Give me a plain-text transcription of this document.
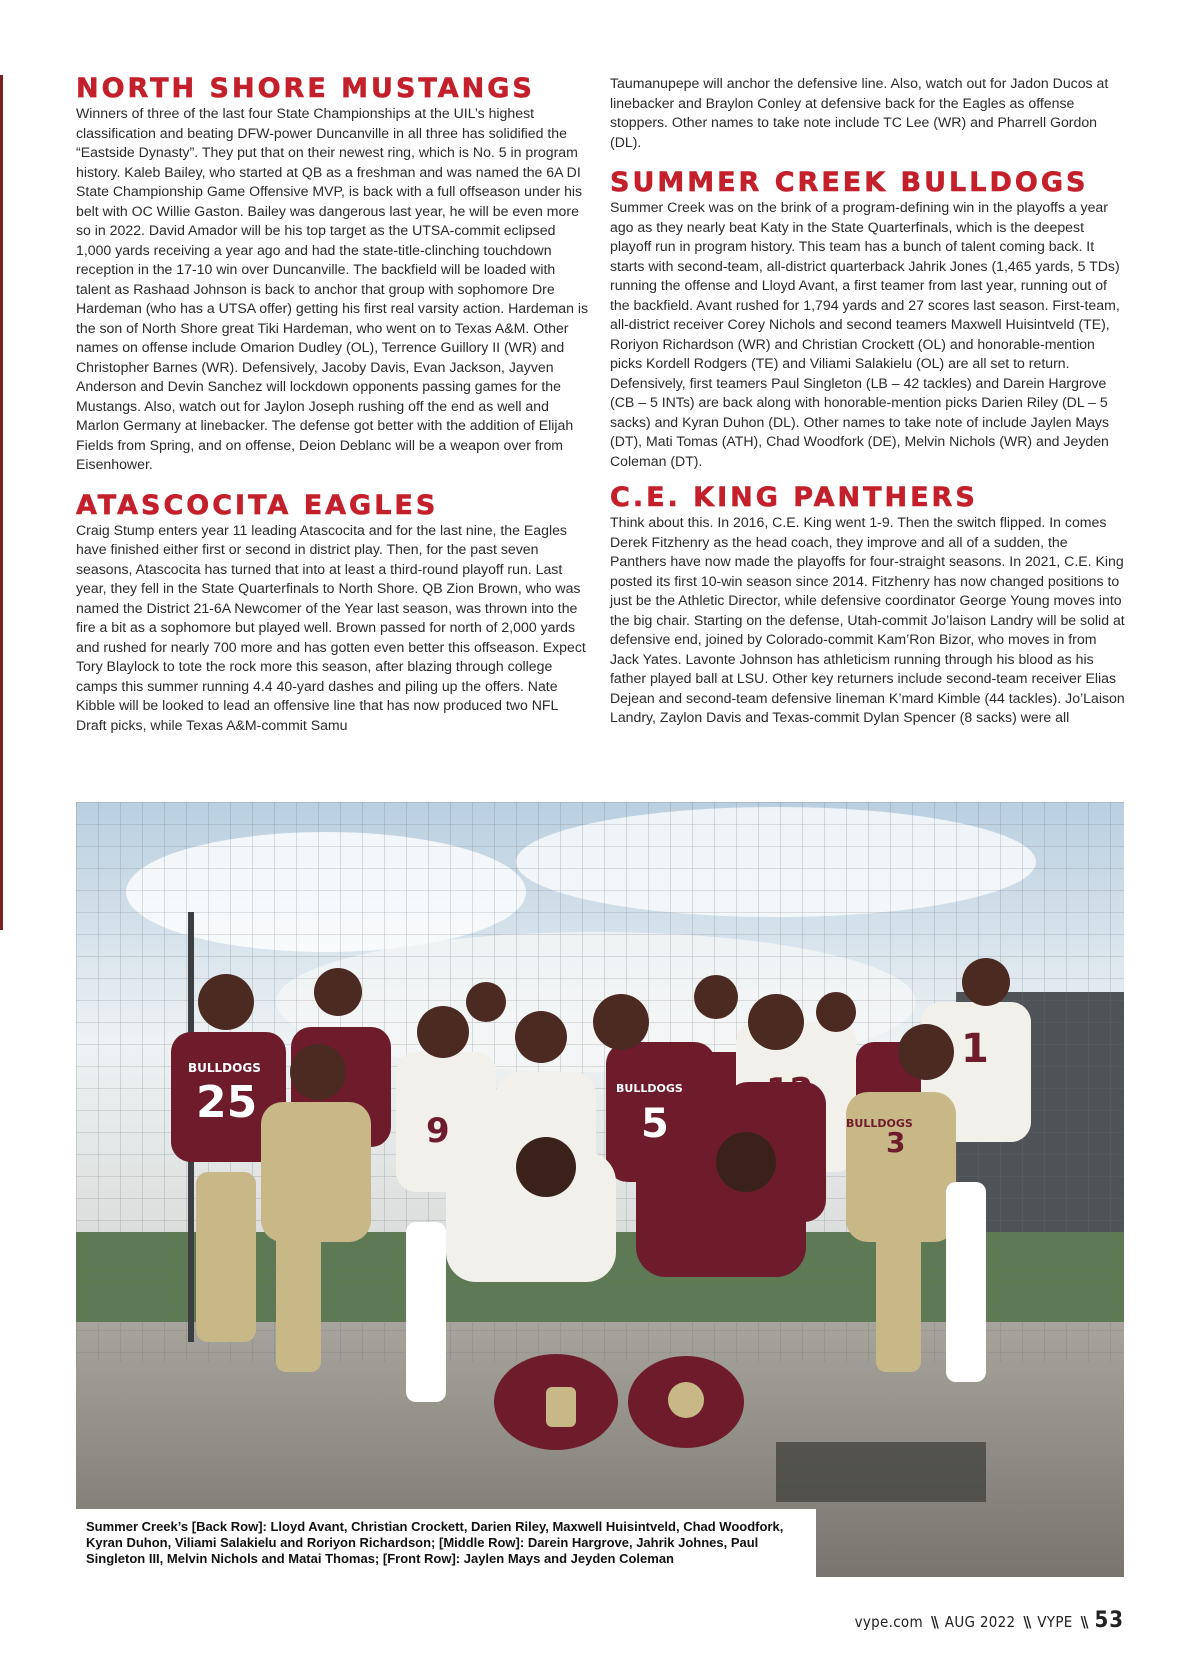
NORTH SHORE MUSTANGS

Winners of three of the last four State Championships at the UIL’s highest classification and beating DFW-power Duncanville in all three has solidified the “Eastside Dynasty”. They put that on their newest ring, which is No. 5 in program history. Kaleb Bailey, who started at QB as a freshman and was named the 6A DI State Championship Game Offensive MVP, is back with a full offseason under his belt with OC Willie Gaston. Bailey was dangerous last year, he will be even more so in 2022. David Amador will be his top target as the UTSA-commit eclipsed 1,000 yards receiving a year ago and had the state-title-clinching touchdown reception in the 17-10 win over Duncanville. The backfield will be loaded with talent as Rashaad Johnson is back to anchor that group with sophomore Dre Hardeman (who has a UTSA offer) getting his first real varsity action. Hardeman is the son of North Shore great Tiki Hardeman, who went on to Texas A&M. Other names on offense include Omarion Dudley (OL), Terrence Guillory II (WR) and Christopher Barnes (WR). Defensively, Jacoby Davis, Evan Jackson, Jayven Anderson and Devin Sanchez will lockdown opponents passing games for the Mustangs. Also, watch out for Jaylon Joseph rushing off the end as well and Marlon Germany at linebacker. The defense got better with the addition of Elijah Fields from Spring, and on offense, Deion Deblanc will be a weapon over from Eisenhower.

ATASCOCITA EAGLES

Craig Stump enters year 11 leading Atascocita and for the last nine, the Eagles have finished either first or second in district play. Then, for the past seven seasons, Atascocita has turned that into at least a third-round playoff run. Last year, they fell in the State Quarterfinals to North Shore. QB Zion Brown, who was named the District 21-6A Newcomer of the Year last season, was thrown into the fire a bit as a sophomore but played well. Brown passed for north of 2,000 yards and rushed for nearly 700 more and has gotten even better this offseason. Expect Tory Blaylock to tote the rock more this season, after blazing through college camps this summer running 4.4 40-yard dashes and piling up the offers. Nate Kibble will be looked to lead an offensive line that has now produced two NFL Draft picks, while Texas A&M-commit Samu

Taumanupepe will anchor the defensive line. Also, watch out for Jadon Ducos at linebacker and Braylon Conley at defensive back for the Eagles as offense stoppers. Other names to take note include TC Lee (WR) and Pharrell Gordon (DL).

SUMMER CREEK BULLDOGS

Summer Creek was on the brink of a program-defining win in the playoffs a year ago as they nearly beat Katy in the State Quarterfinals, which is the deepest playoff run in program history. This team has a bunch of talent coming back. It starts with second-team, all-district quarterback Jahrik Jones (1,465 yards, 5 TDs) running the offense and Lloyd Avant, a first teamer from last year, running out of the backfield. Avant rushed for 1,794 yards and 27 scores last season. First-team, all-district receiver Corey Nichols and second teamers Maxwell Huisintveld (TE), Roriyon Richardson (WR) and Christian Crockett (OL) and honorable-mention picks Kordell Rodgers (TE) and Viliami Salakielu (OL) are all set to return. Defensively, first teamers Paul Singleton (LB – 42 tackles) and Darein Hargrove (CB – 5 INTs) are back along with honorable-mention picks Darien Riley (DL – 5 sacks) and Kyran Duhon (DL). Other names to take note of include Jaylen Mays (DT), Mati Tomas (ATH), Chad Woodfork (DE), Melvin Nichols (WR) and Jeyden Coleman (DT).

C.E. KING PANTHERS

Think about this. In 2016, C.E. King went 1-9. Then the switch flipped. In comes Derek Fitzhenry as the head coach, they improve and all of a sudden, the Panthers have now made the playoffs for four-straight seasons. In 2021, C.E. King posted its first 10-win season since 2014. Fitzhenry has now changed positions to just be the Athletic Director, while defensive coordinator George Young moves into the big chair. Starting on the defense, Utah-commit Jo’laison Landry will be solid at defensive end, joined by Colorado-commit Kam’Ron Bizor, who moves in from Jack Yates. Lavonte Johnson has athleticism running through his blood as his father played ball at LSU. Other key returners include second-team receiver Elias Dejean and second-team defensive lineman K’mard Kimble (44 tackles). Jo’Laison Landry, Zaylon Davis and Texas-commit Dylan Spencer (8 sacks) were all

25
9	5
12
1
3
BULLDOGS
BULLDOGS
BULLDOGS
Summer Creek’s [Back Row]: Lloyd Avant, Christian Crockett, Darien Riley, Maxwell Huisintveld, Chad Woodfork, Kyran Duhon, Viliami Salakielu and Roriyon Richardson; [Middle Row]: Darein Hargrove, Jahrik Johnes, Paul Singleton III, Melvin Nichols and Matai Thomas; [Front Row]: Jaylen Mays and Jeyden Coleman
vype.com \\ AUG 2022 \\ VYPE \\ 53
